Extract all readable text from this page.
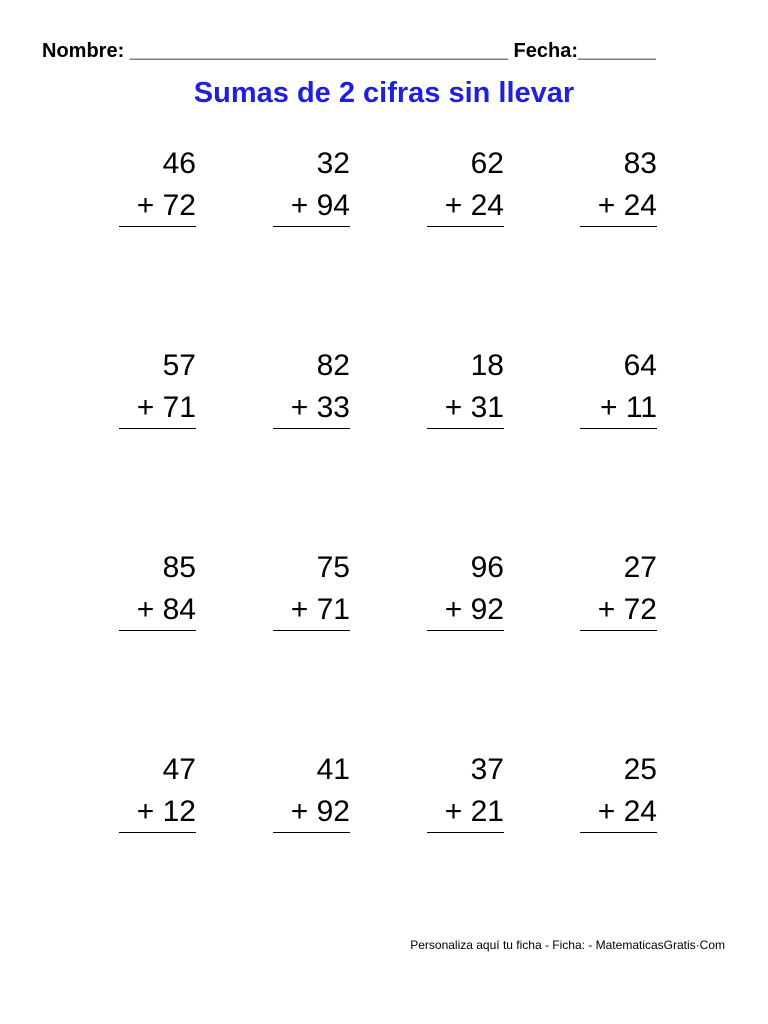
Nombre: __________________________________ Fecha:_______
Sumas de 2 cifras sin llevar
46
+ 72
32
+ 94
62
+ 24
83
+ 24
57
+ 71
82
+ 33
18
+ 31
64
+ 11
85
+ 84
75
+ 71
96
+ 92
27
+ 72
47
+ 12
41
+ 92
37
+ 21
25
+ 24
Personaliza aquí tu ficha - Ficha: - MatematicasGratis·Com
